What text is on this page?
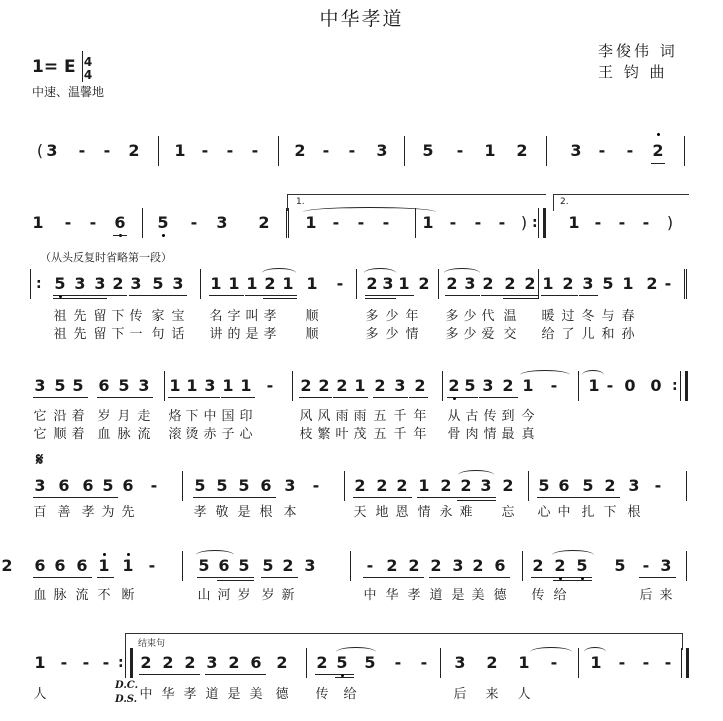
中华孝道
李俊伟 词
王 钧 曲
1= E 4
4
中速、温馨地
( 3 - - 2 1 - - - 2 - - 3 5 - 1 2	3 - - 2
1 - - 6 5 - 3 2 1 - - - 1 - - - ) : 1 - - - )
5 3 3 2 3 5 3 1 1 1 2 1 1 - 2 3 1 2 2 3 2 2 2 1 2 3 5 1 2 -
:
祖 先 留 下 传 家 宝 名 字 叫 孝 顺	多 少 年 多 少 代 温 暖 过 冬 与 春
祖 先 留 下 一 句 话 讲 的 是 孝 顺	多 少 情 多 少 爱 交 给 了 儿 和 孙
3 5 5 6 5 3 1 1 3 1 1 - 2 2 2 1 2 3 2 2 5 3 2 1 - 1 - 0 0 :
它 沿 着 岁 月 走 烙 下 中 国 印	风 风 雨 雨 五 千 年 从 古 传 到 今
它 顺 着 血 脉 流 滚 烫 赤 子 心	枝 繁 叶 茂 五 千 年 骨 肉 情 最 真
3 6 6 5 6 - 5 5 5 6 3 - 2 2 2 1 2 2 3 2 5 6 5 2 3 -
百 善 孝 为 先	孝 敬 是 根 本	天 地 恩 情 永 难 忘 心 中 扎 下 根
6 6 6 1 1 -	5 6 5 5 2 3	- 2 2 2 3 2 6 2 2 5 5 - 3
2
血 脉 流 不 断	山 河 岁 岁 新	中 华 孝 道 是 美 德 传 给	后 来
1 - - - 2 2 2 3 2 6 2 2 5 5 - - 3 2 1 - 1 - - -
:
人	中 华 孝 道 是 美 德 传 给	后 来 人
（从头反复时省略第一段）
1.	2.
结束句
𝄋
D.C.
D.S.
